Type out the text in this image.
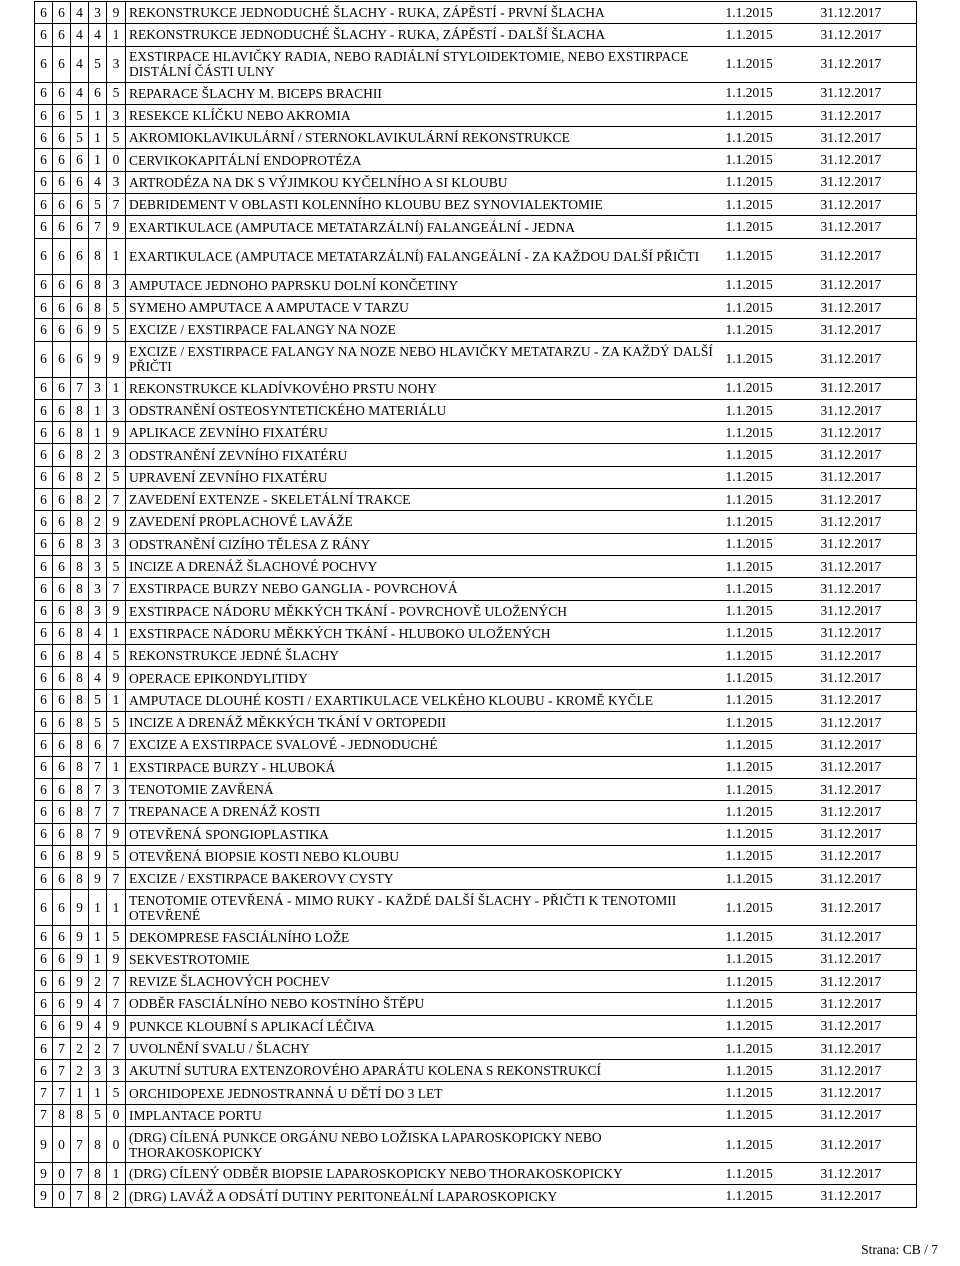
6	6	4	3	9	REKONSTRUKCE JEDNODUCHÉ ŠLACHY - RUKA, ZÁPĚSTÍ - PRVNÍ ŠLACHA	1.1.2015	31.12.2017
6	6	4	4	1	REKONSTRUKCE JEDNODUCHÉ ŠLACHY - RUKA, ZÁPĚSTÍ - DALŠÍ ŠLACHA	1.1.2015	31.12.2017
6	6	4	5	3	EXSTIRPACE HLAVIČKY RADIA, NEBO RADIÁLNÍ STYLOIDEKTOMIE, NEBO EXSTIRPACE DISTÁLNÍ ČÁSTI ULNY	1.1.2015	31.12.2017
6	6	4	6	5	REPARACE ŠLACHY M. BICEPS BRACHII	1.1.2015	31.12.2017
6	6	5	1	3	RESEKCE KLÍČKU NEBO AKROMIA	1.1.2015	31.12.2017
6	6	5	1	5	AKROMIOKLAVIKULÁRNÍ / STERNOKLAVIKULÁRNÍ REKONSTRUKCE	1.1.2015	31.12.2017
6	6	6	1	0	CERVIKOKAPITÁLNÍ ENDOPROTÉZA	1.1.2015	31.12.2017
6	6	6	4	3	ARTRODÉZA NA DK S VÝJIMKOU KYČELNÍHO A SI KLOUBU	1.1.2015	31.12.2017
6	6	6	5	7	DEBRIDEMENT V OBLASTI KOLENNÍHO KLOUBU BEZ SYNOVIALEKTOMIE	1.1.2015	31.12.2017
6	6	6	7	9	EXARTIKULACE (AMPUTACE METATARZÁLNÍ) FALANGEÁLNÍ - JEDNA	1.1.2015	31.12.2017
6	6	6	8	1	EXARTIKULACE (AMPUTACE METATARZÁLNÍ) FALANGEÁLNÍ - ZA KAŽDOU DALŠÍ PŘIČTI	1.1.2015	31.12.2017
6	6	6	8	3	AMPUTACE JEDNOHO PAPRSKU DOLNÍ KONČETINY	1.1.2015	31.12.2017
6	6	6	8	5	SYMEHO AMPUTACE A AMPUTACE V TARZU	1.1.2015	31.12.2017
6	6	6	9	5	EXCIZE / EXSTIRPACE FALANGY NA NOZE	1.1.2015	31.12.2017
6	6	6	9	9	EXCIZE / EXSTIRPACE FALANGY NA NOZE NEBO HLAVIČKY METATARZU - ZA KAŽDÝ DALŠÍ PŘIČTI	1.1.2015	31.12.2017
6	6	7	3	1	REKONSTRUKCE KLADÍVKOVÉHO PRSTU NOHY	1.1.2015	31.12.2017
6	6	8	1	3	ODSTRANĚNÍ OSTEOSYNTETICKÉHO MATERIÁLU	1.1.2015	31.12.2017
6	6	8	1	9	APLIKACE ZEVNÍHO FIXATÉRU	1.1.2015	31.12.2017
6	6	8	2	3	ODSTRANĚNÍ ZEVNÍHO FIXATÉRU	1.1.2015	31.12.2017
6	6	8	2	5	UPRAVENÍ ZEVNÍHO FIXATÉRU	1.1.2015	31.12.2017
6	6	8	2	7	ZAVEDENÍ EXTENZE - SKELETÁLNÍ TRAKCE	1.1.2015	31.12.2017
6	6	8	2	9	ZAVEDENÍ PROPLACHOVÉ LAVÁŽE	1.1.2015	31.12.2017
6	6	8	3	3	ODSTRANĚNÍ CIZÍHO TĚLESA Z RÁNY	1.1.2015	31.12.2017
6	6	8	3	5	INCIZE A DRENÁŽ ŠLACHOVÉ POCHVY	1.1.2015	31.12.2017
6	6	8	3	7	EXSTIRPACE BURZY NEBO GANGLIA - POVRCHOVÁ	1.1.2015	31.12.2017
6	6	8	3	9	EXSTIRPACE NÁDORU MĚKKÝCH TKÁNÍ - POVRCHOVĚ ULOŽENÝCH	1.1.2015	31.12.2017
6	6	8	4	1	EXSTIRPACE NÁDORU MĚKKÝCH TKÁNÍ - HLUBOKO ULOŽENÝCH	1.1.2015	31.12.2017
6	6	8	4	5	REKONSTRUKCE JEDNÉ ŠLACHY	1.1.2015	31.12.2017
6	6	8	4	9	OPERACE EPIKONDYLITIDY	1.1.2015	31.12.2017
6	6	8	5	1	AMPUTACE DLOUHÉ KOSTI / EXARTIKULACE VELKÉHO KLOUBU - KROMĚ KYČLE	1.1.2015	31.12.2017
6	6	8	5	5	INCIZE A DRENÁŽ MĚKKÝCH TKÁNÍ V ORTOPEDII	1.1.2015	31.12.2017
6	6	8	6	7	EXCIZE A EXSTIRPACE SVALOVÉ - JEDNODUCHÉ	1.1.2015	31.12.2017
6	6	8	7	1	EXSTIRPACE BURZY - HLUBOKÁ	1.1.2015	31.12.2017
6	6	8	7	3	TENOTOMIE ZAVŘENÁ	1.1.2015	31.12.2017
6	6	8	7	7	TREPANACE A DRENÁŽ KOSTI	1.1.2015	31.12.2017
6	6	8	7	9	OTEVŘENÁ SPONGIOPLASTIKA	1.1.2015	31.12.2017
6	6	8	9	5	OTEVŘENÁ BIOPSIE KOSTI NEBO KLOUBU	1.1.2015	31.12.2017
6	6	8	9	7	EXCIZE / EXSTIRPACE BAKEROVY CYSTY	1.1.2015	31.12.2017
6	6	9	1	1	TENOTOMIE OTEVŘENÁ - MIMO RUKY - KAŽDÉ DALŠÍ ŠLACHY - PŘIČTI K TENOTOMII OTEVŘENÉ	1.1.2015	31.12.2017
6	6	9	1	5	DEKOMPRESE FASCIÁLNÍHO LOŽE	1.1.2015	31.12.2017
6	6	9	1	9	SEKVESTROTOMIE	1.1.2015	31.12.2017
6	6	9	2	7	REVIZE ŠLACHOVÝCH POCHEV	1.1.2015	31.12.2017
6	6	9	4	7	ODBĚR FASCIÁLNÍHO NEBO KOSTNÍHO ŠTĚPU	1.1.2015	31.12.2017
6	6	9	4	9	PUNKCE KLOUBNÍ S APLIKACÍ LÉČIVA	1.1.2015	31.12.2017
6	7	2	2	7	UVOLNĚNÍ SVALU / ŠLACHY	1.1.2015	31.12.2017
6	7	2	3	3	AKUTNÍ SUTURA EXTENZOROVÉHO APARÁTU KOLENA S REKONSTRUKCÍ	1.1.2015	31.12.2017
7	7	1	1	5	ORCHIDOPEXE JEDNOSTRANNÁ U DĚTÍ DO 3 LET	1.1.2015	31.12.2017
7	8	8	5	0	IMPLANTACE PORTU	1.1.2015	31.12.2017
9	0	7	8	0	(DRG) CÍLENÁ PUNKCE ORGÁNU NEBO LOŽISKA LAPAROSKOPICKY NEBO THORAKOSKOPICKY	1.1.2015	31.12.2017
9	0	7	8	1	(DRG) CÍLENÝ ODBĚR BIOPSIE LAPAROSKOPICKY NEBO THORAKOSKOPICKY	1.1.2015	31.12.2017
9	0	7	8	2	(DRG) LAVÁŽ A ODSÁTÍ DUTINY PERITONEÁLNÍ LAPAROSKOPICKY	1.1.2015	31.12.2017
Strana: CB / 7
